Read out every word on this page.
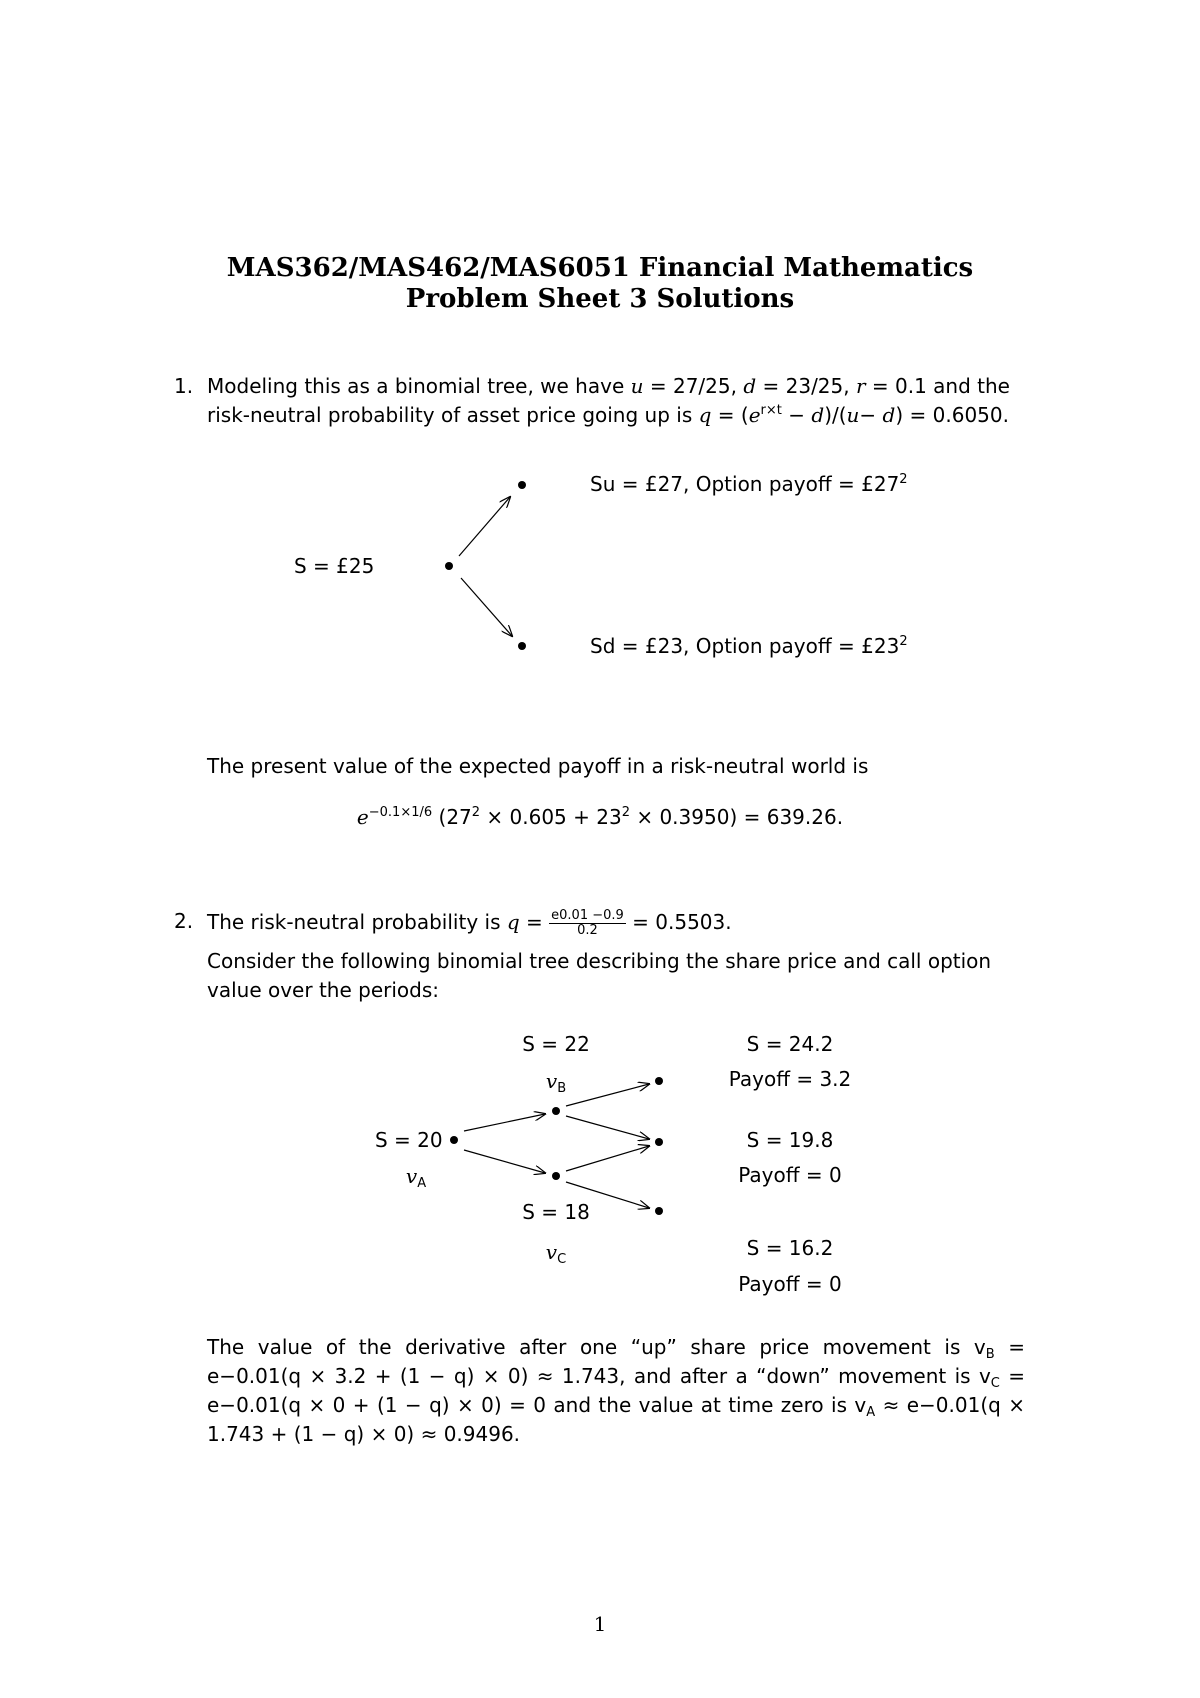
MAS362/MAS462/MAS6051 Financial Mathematics
Problem Sheet 3 Solutions
1. Modeling this as a binomial tree, we have u = 27/25, d = 23/25, r = 0.1 and the
risk-neutral probability of asset price going up is $q = (e^{r\times t} - d)/(u- d) = 0.6050$.
S = £25
Su = £27, Option payoff = $£27^2$
Sd = £23, Option payoff = $£23^2$
The present value of the expected payoff in a risk-neutral world is
$e^{-0.1\times 1/6}$ $(27^2 \times 0.605 + 23^2 \times 0.3950) = 639.26$.
2. The risk-neutral probability is $q = \frac{e0.01 -0.9}{0.2} = 0.5503$.
Consider the following binomial tree describing the share price and call option
value over the periods:
S = 22
$v_B$
S = 20
$v_A$
S = 18
$v_C$
S = 24.2
Payoff = 3.2
S = 19.8
Payoff = 0
S = 16.2
Payoff = 0
The value of the derivative after one “up” share price movement is $v_B$ =
e−0.01(q × 3.2 + (1 − q) × 0) ≈ 1.743, and after a “down” movement is $v_C$ =
e−0.01(q × 0 + (1 − q) × 0) = 0 and the value at time zero is $v_A \approx e-0.01(q$ ×
1.743 + (1 − q) × 0) ≈ 0.9496.
1
